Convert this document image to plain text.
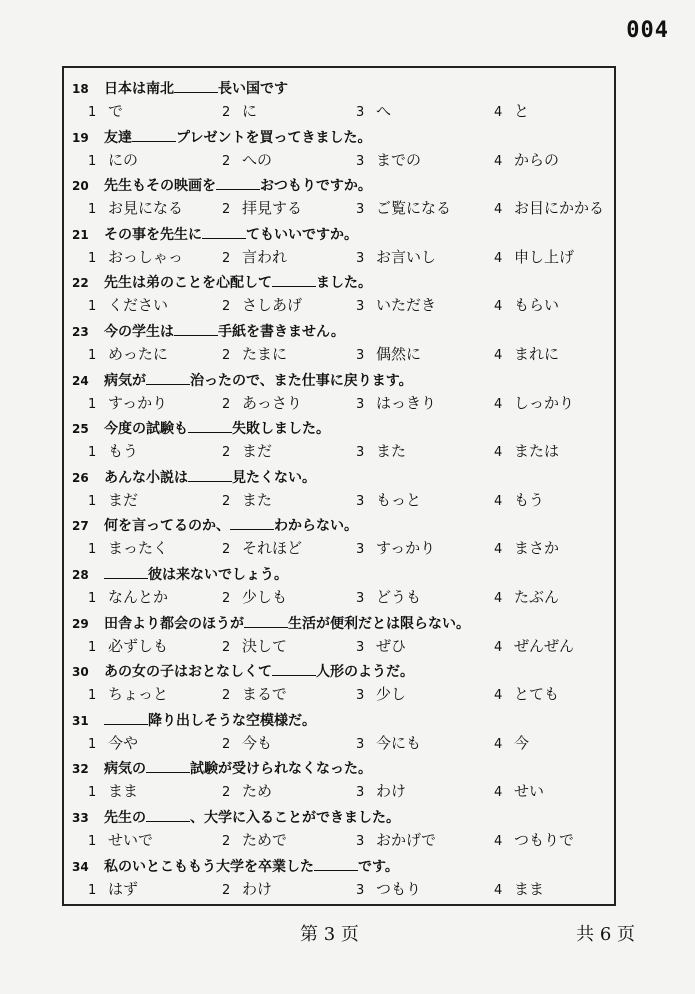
004
18 日本は南北	長い国です
1 で	2 に	3 へ	4 と
19 友達	プレゼントを買ってきました。
1 にの	2 への	3 までの	4 からの
20 先生もその映画を	おつもりですか。
1 お見になる	2 拝見する	3 ご覧になる	4 お目にかかる
21 その事を先生に	てもいいですか。
1 おっしゃっ	2 言われ	3 お言いし	4 申し上げ
22 先生は弟のことを心配して	ました。
1 ください	2 さしあげ	3 いただき	4 もらい
23 今の学生は	手紙を書きません。
1 めったに	2 たまに	3 偶然に	4 まれに
24 病気が	治ったので、また仕事に戻ります。
1 すっかり	2 あっさり	3 はっきり	4 しっかり
25 今度の試験も	失敗しました。
1 もう	2 まだ	3 また	4 または
26 あんな小説は	見たくない。
1 まだ	2 また	3 もっと	4 もう
27 何を言ってるのか、	わからない。
1 まったく	2 それほど	3 すっかり	4 まさか
28	彼は来ないでしょう。
1 なんとか	2 少しも	3 どうも	4 たぶん
29 田舎より都会のほうが	生活が便利だとは限らない。
1 必ずしも	2 決して	3 ぜひ	4 ぜんぜん
30 あの女の子はおとなしくて	人形のようだ。
1 ちょっと	2 まるで	3 少し	4 とても
31	降り出しそうな空模様だ。
1 今や	2 今も	3 今にも	4 今
32 病気の	試験が受けられなくなった。
1 まま	2 ため	3 わけ	4 せい
33 先生の	、大学に入ることができました。
1 せいで	2 ためで	3 おかげで	4 つもりで
34 私のいとこももう大学を卒業した	です。
1 はず	2 わけ	3 つもり	4 まま
第 3 页	共 6 页
